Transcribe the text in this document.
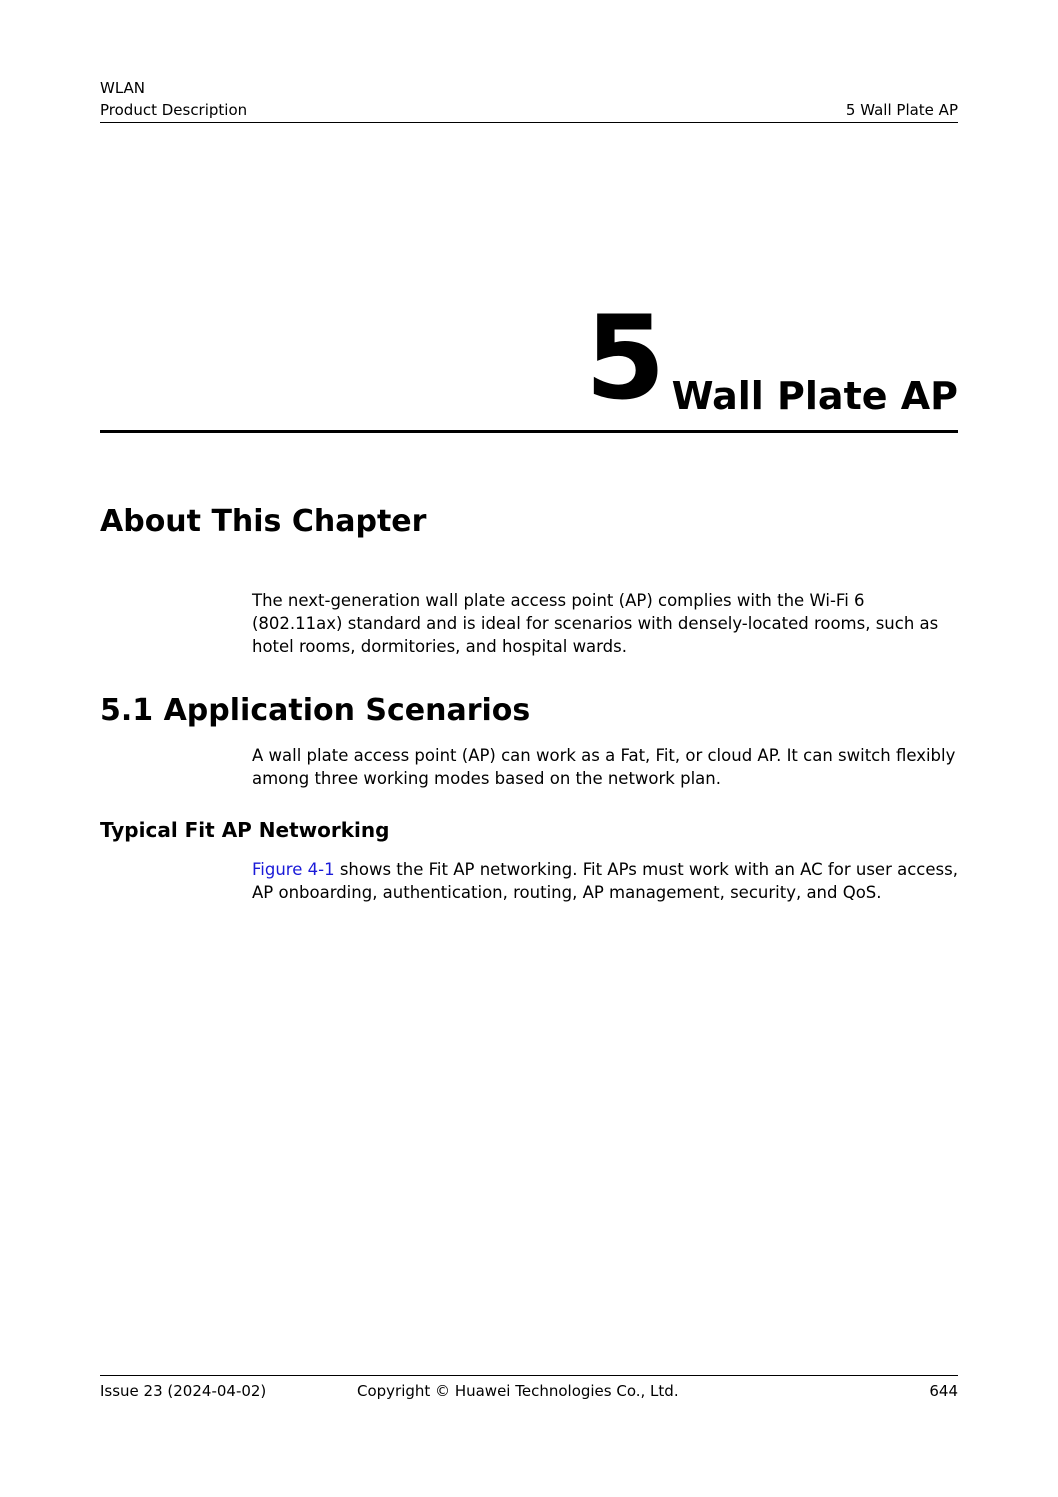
WLAN
Product Description	5 Wall Plate AP
5 Wall Plate AP
About This Chapter

The next-generation wall plate access point (AP) complies with the Wi-Fi 6 (802.11ax) standard and is ideal for scenarios with densely-located rooms, such as hotel rooms, dormitories, and hospital wards.

5.1 Application Scenarios

A wall plate access point (AP) can work as a Fat, Fit, or cloud AP. It can switch flexibly among three working modes based on the network plan.

Typical Fit AP Networking

Figure 4-1 shows the Fit AP networking. Fit APs must work with an AC for user access, AP onboarding, authentication, routing, AP management, security, and QoS.

Issue 23 (2024-04-02)	Copyright © Huawei Technologies Co., Ltd.	644
